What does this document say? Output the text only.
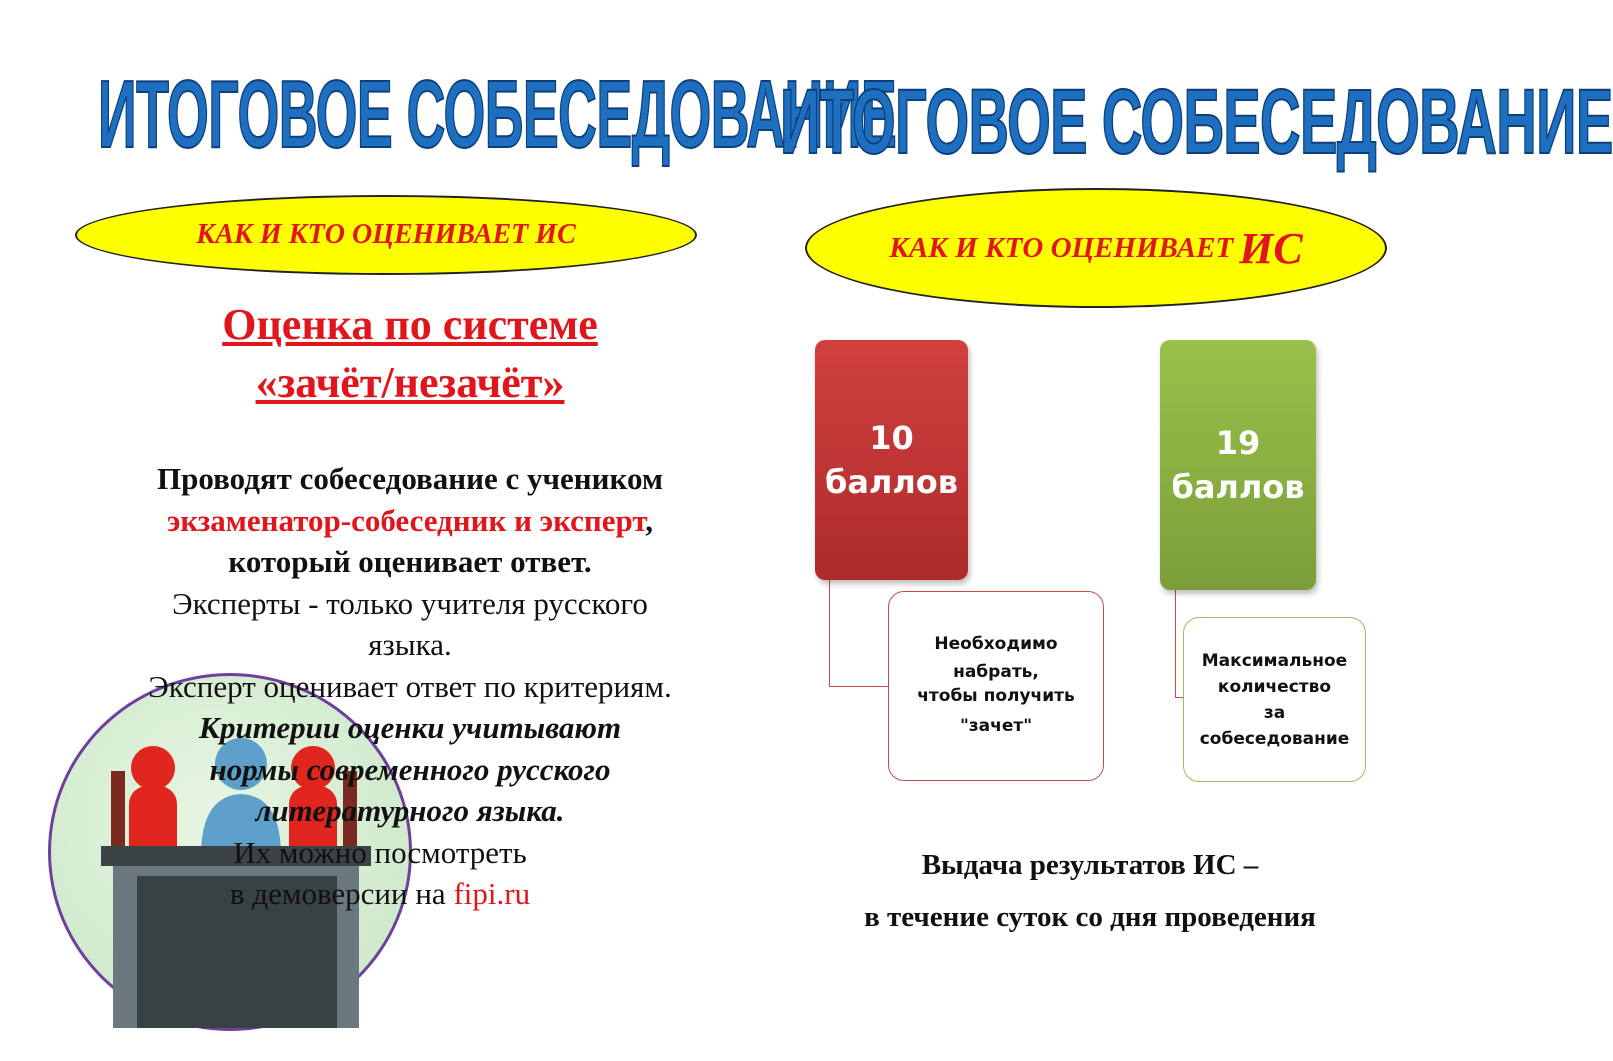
ИТОГОВОЕ СОБЕСЕДОВАНИЕ
ИТОГОВОЕ СОБЕСЕДОВАНИЕ
КАК И КТО ОЦЕНИВАЕТ ИС	КАК И КТО ОЦЕНИВАЕТ ИС
Оценка по системе
«зачёт/незачёт»
Проводят собеседование с учеником
экзаменатор-собеседник и эксперт,
который оценивает ответ.
Эксперты - только учителя русского
языка.
Эксперт оценивает ответ по критериям.
Критерии оценки учитывают
нормы современного русского
литературного языка.
Их можно посмотреть
в демоверсии на fipi.ru
10
баллов
19
баллов
Необходимо
набрать,
чтобы получить
"зачет"
Максимальное
количество
за
собеседование
Выдача результатов ИС –
в течение суток со дня проведения
